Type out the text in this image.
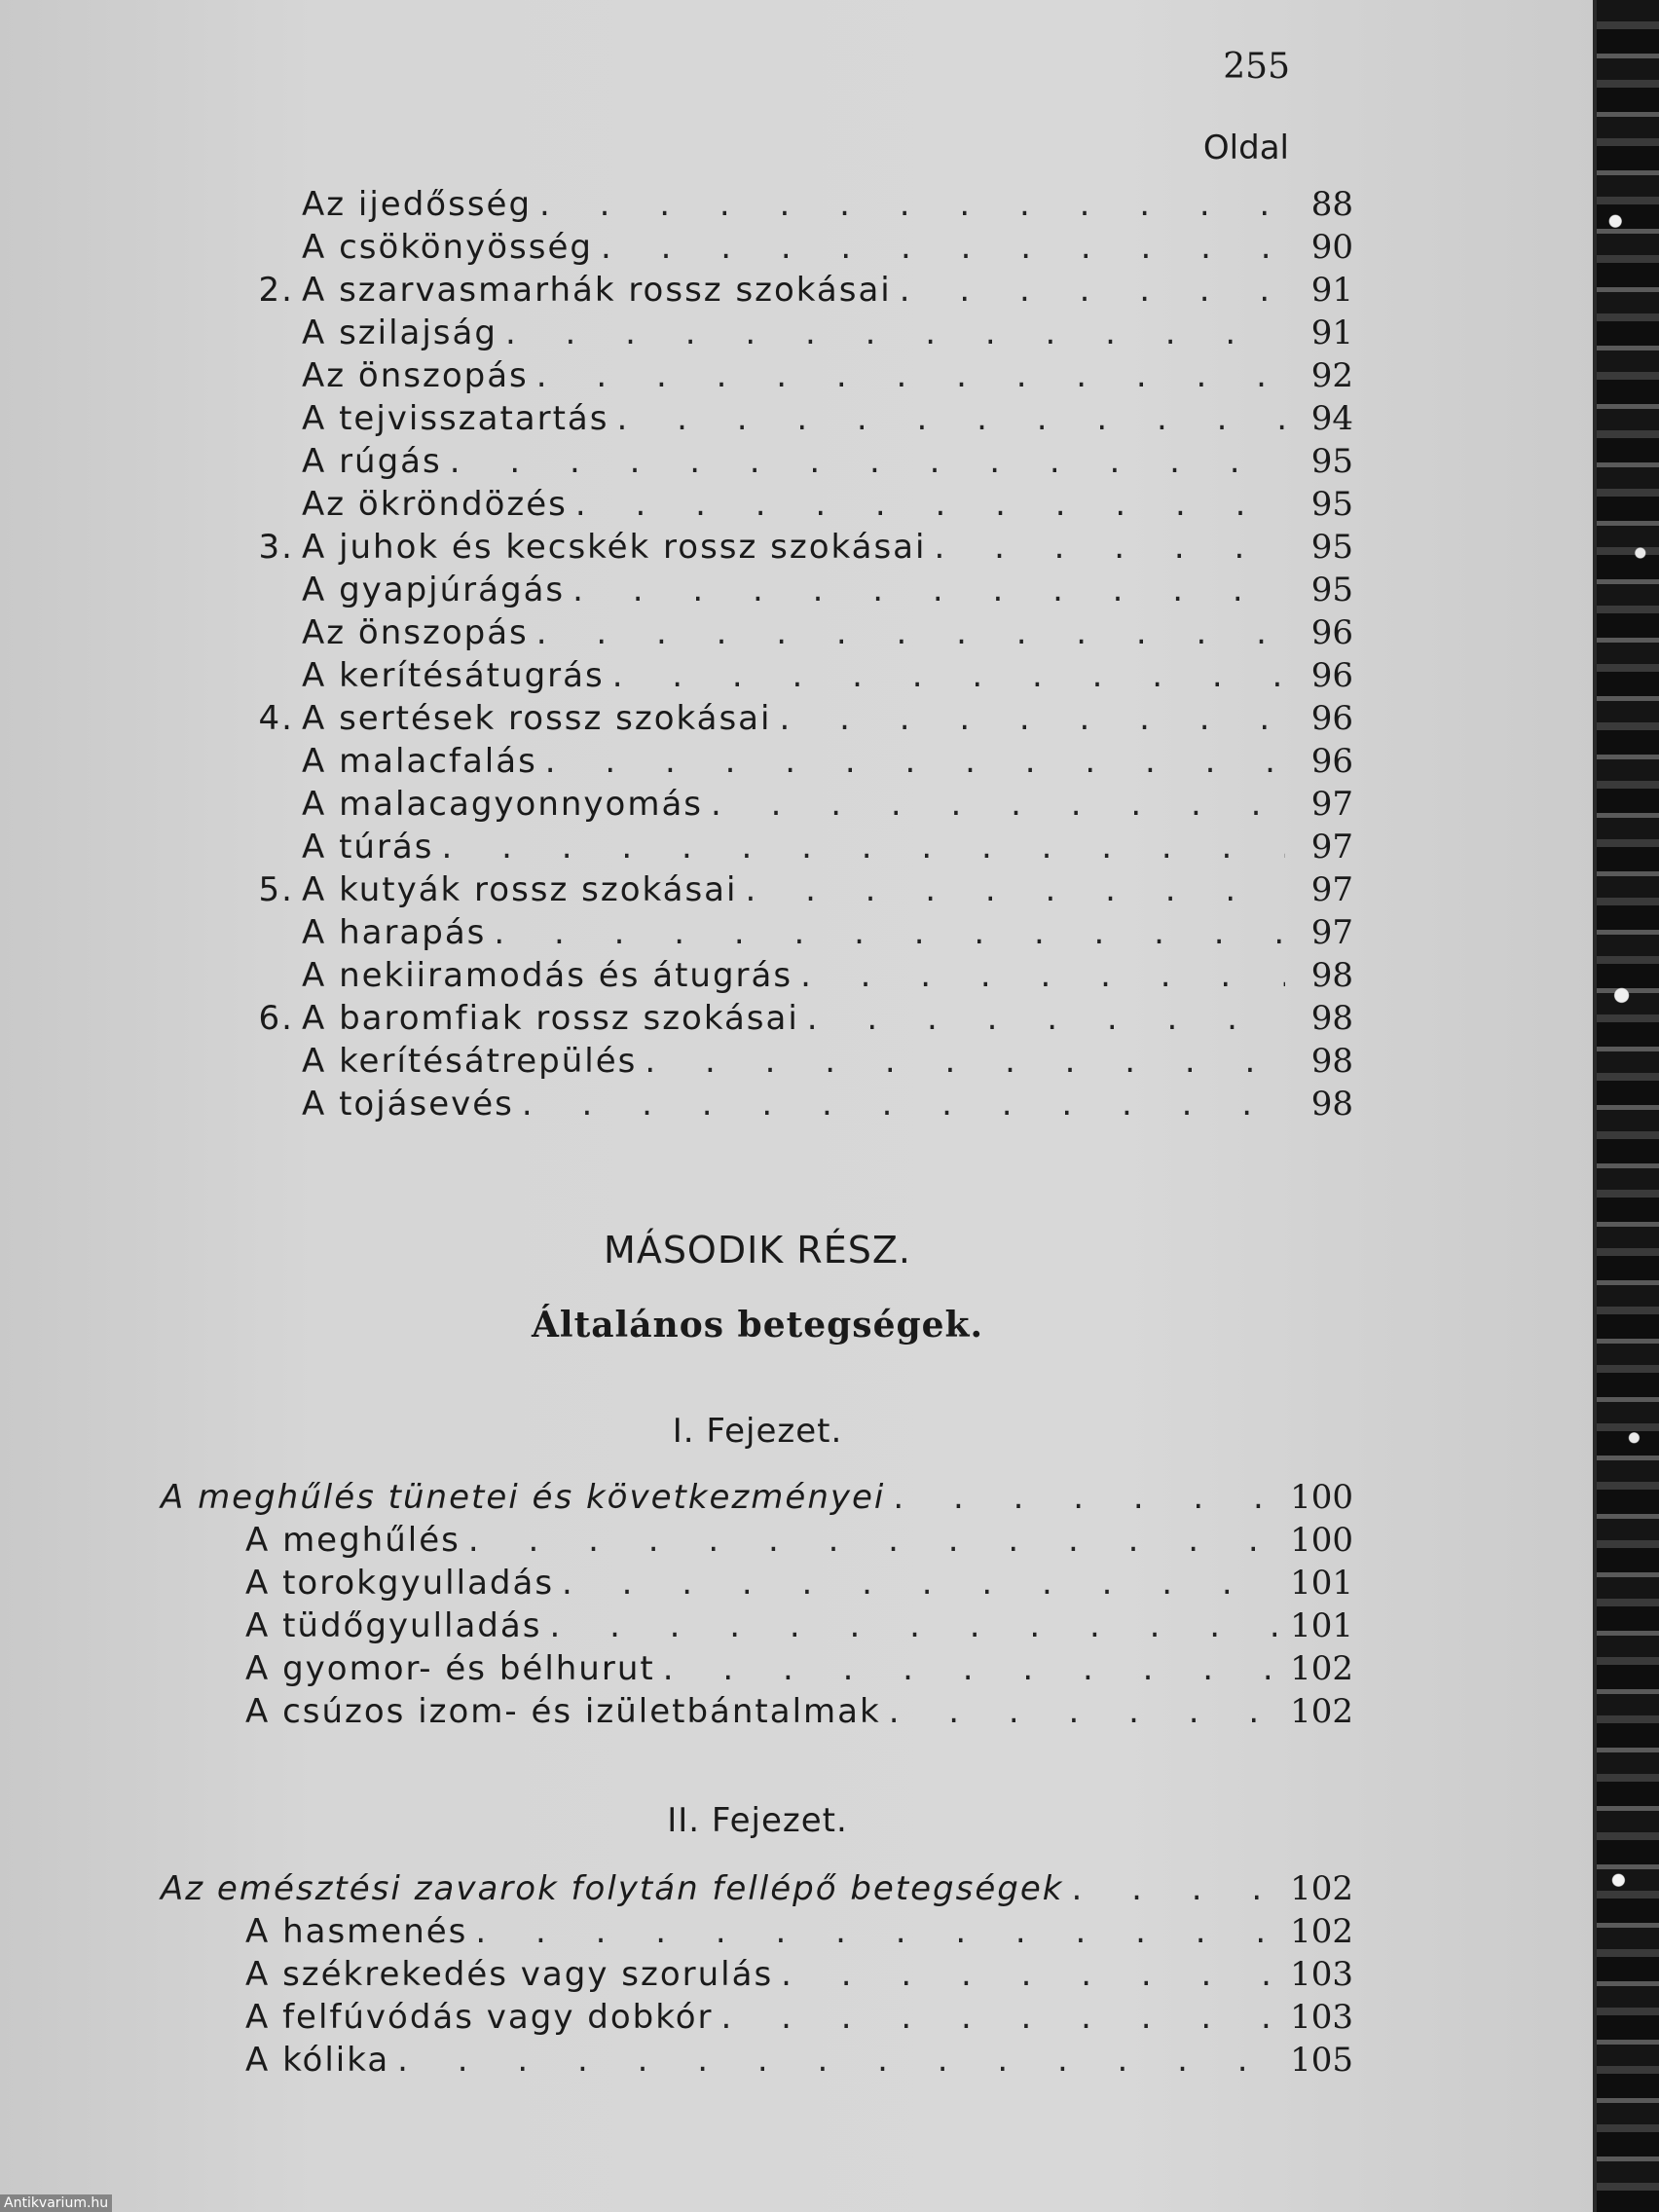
255
Oldal
Az ijedősség . . .	88
A csökönyösség . . .	90
2. A szarvasmarhák rossz szokásai . . .	91
A szilajság . . .	91
Az önszopás . . .	92
A tejvisszatartás . . .	94
A rúgás . . .	95
Az ökröndözés . . .	95
3. A juhok és kecskék rossz szokásai . . .	95
A gyapjúrágás . . .	95
Az önszopás . . .	96
A kerítésátugrás . . .	96
4. A sertések rossz szokásai . . .	96
A malacfalás . . .	96
A malacagyonnyomás . . .	97
A túrás . . .	97
5. A kutyák rossz szokásai . . .	97
A harapás . . .	97
A nekiiramodás és átugrás . . .	98
6. A baromfiak rossz szokásai . . .	98
A kerítésátrepülés . . .	98
A tojásevés . . .	98
MÁSODIK RÉSZ.
Általános betegségek.
I. Fejezet.
A meghűlés tünetei és következményei . . .	100
A meghűlés . . .	100
A torokgyulladás . . .	101
A tüdőgyulladás . . .	101
A gyomor- és bélhurut . . .	102
A csúzos izom- és izületbántalmak . . .	102
II. Fejezet.
Az emésztési zavarok folytán fellépő betegségek . . .	102
A hasmenés . . .	102
A székrekedés vagy szorulás . . .	103
A felfúvódás vagy dobkór . . .	103
A kólika . . .	105
Antikvarium.hu
